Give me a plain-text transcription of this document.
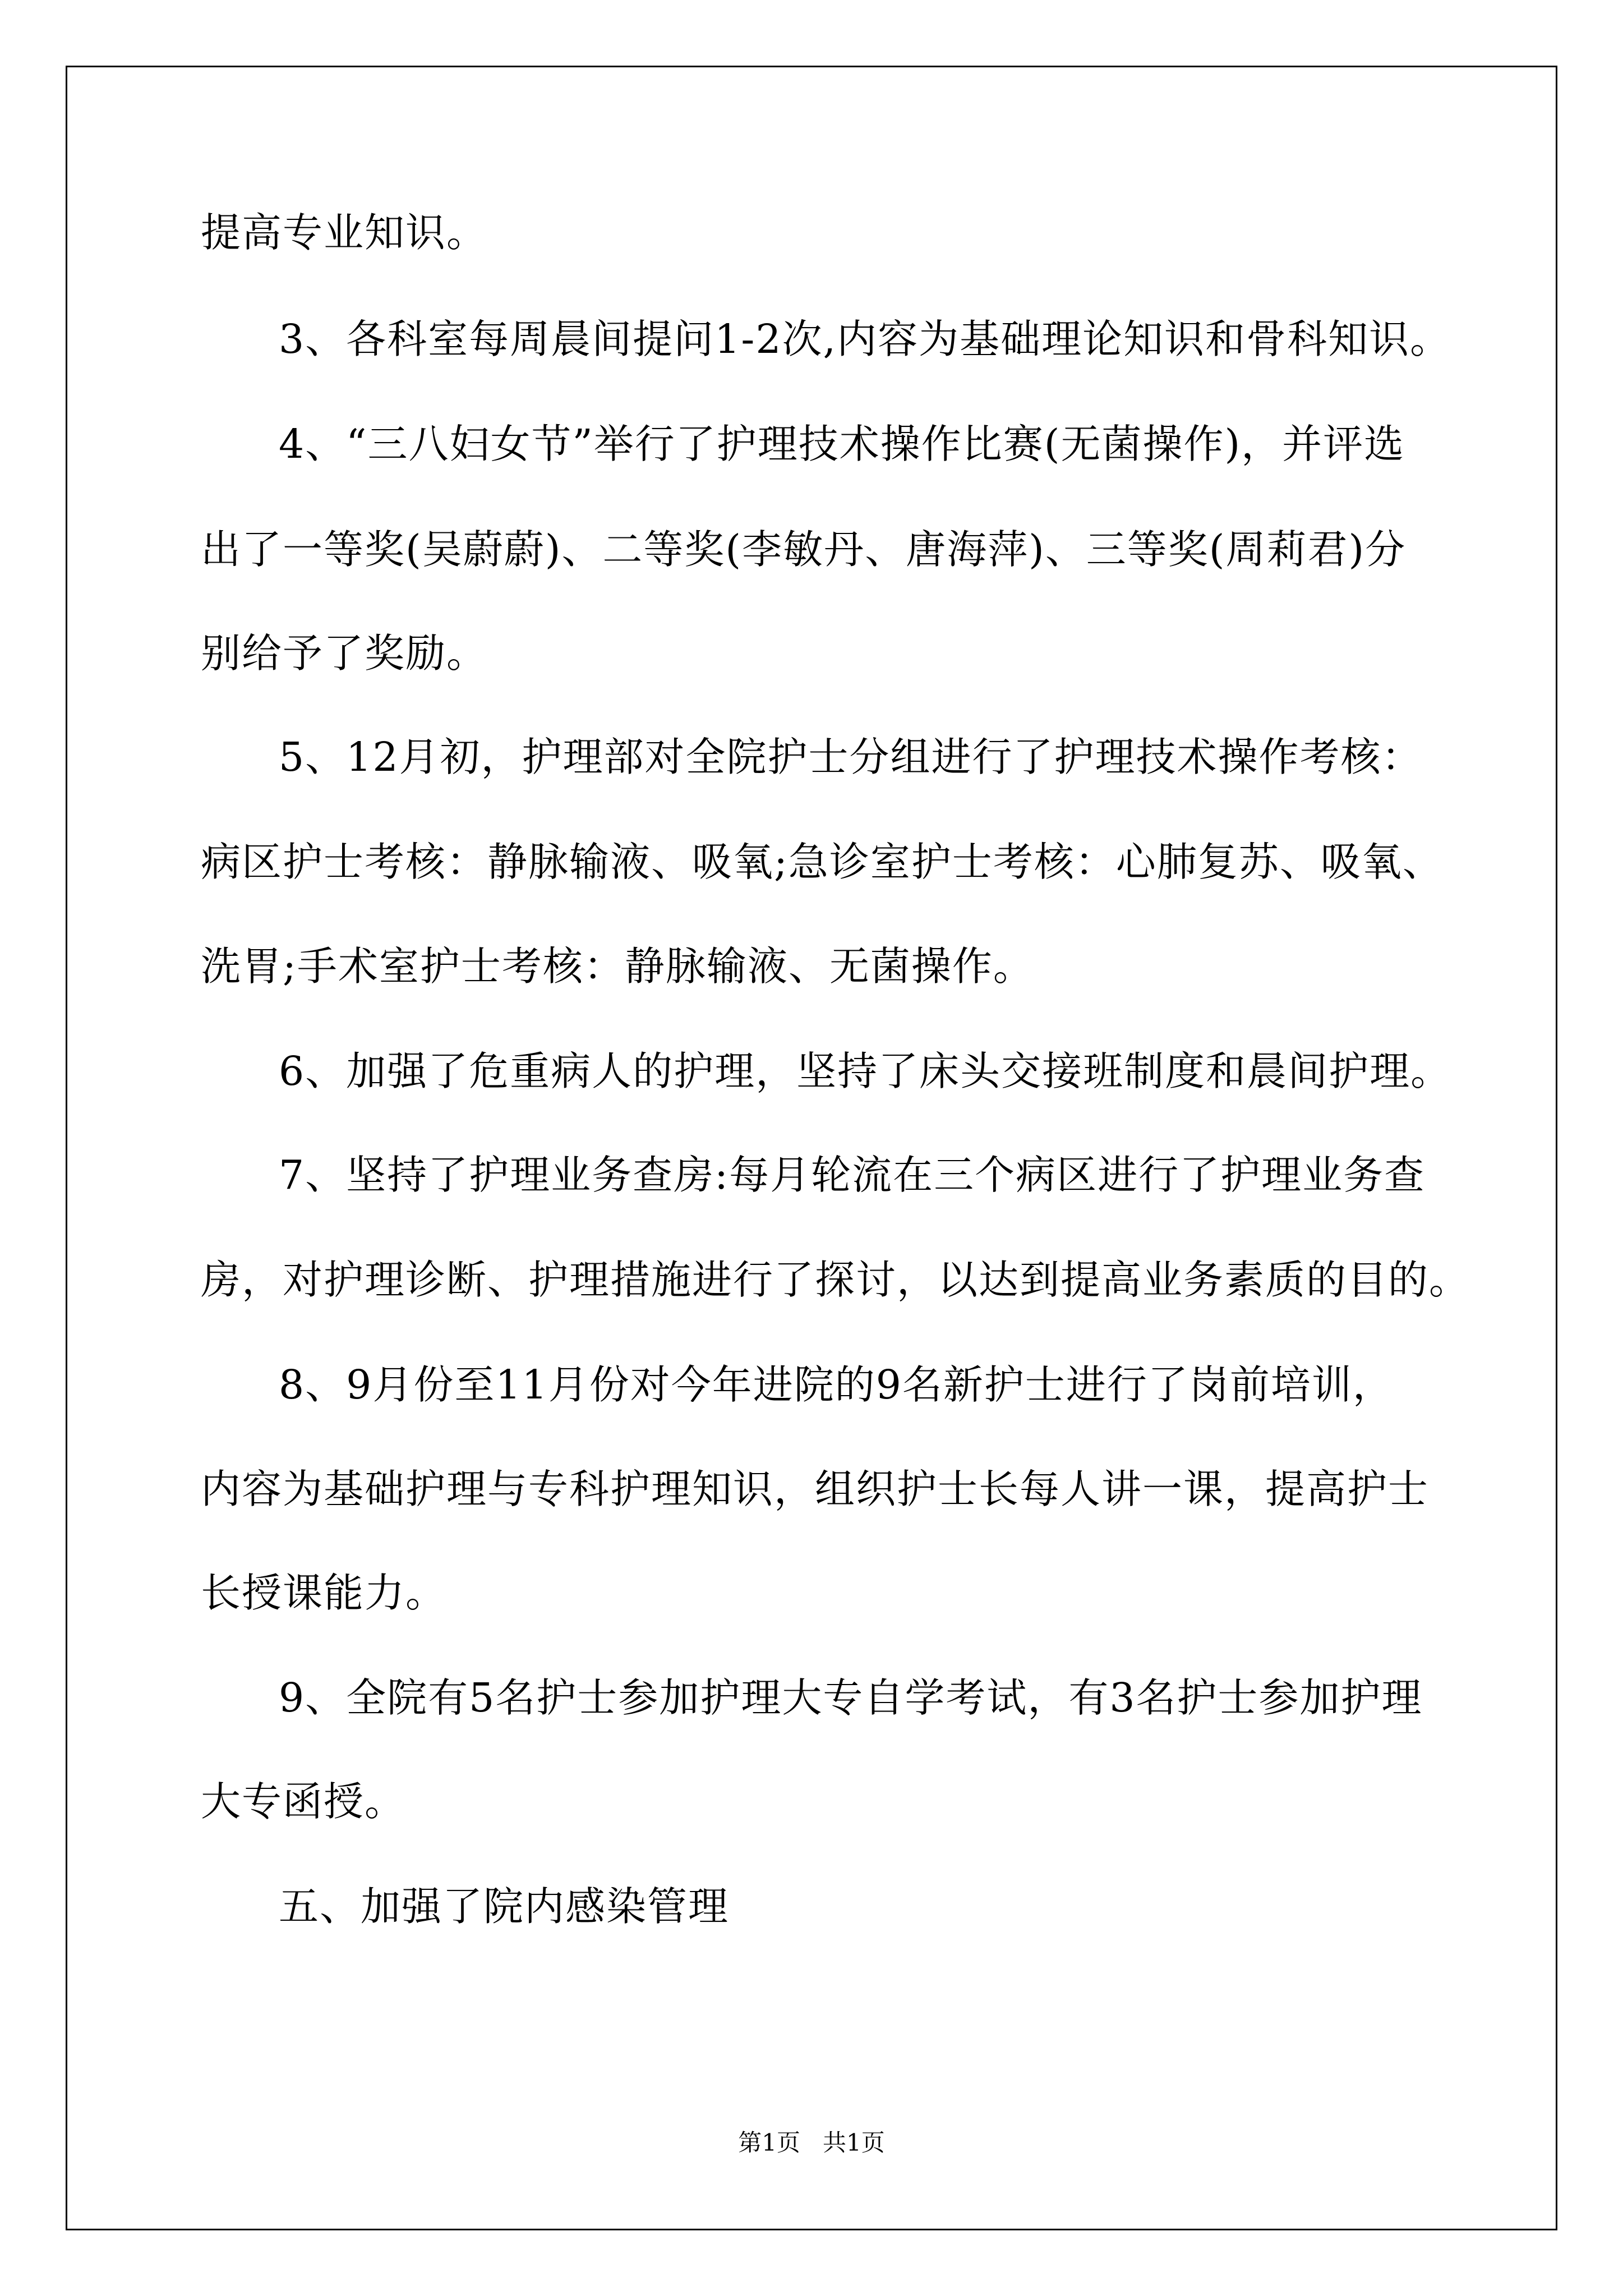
提高专业知识。
3、各科室每周晨间提问1-2次,内容为基础理论知识和骨科知识。
4、“三八妇女节”举行了护理技术操作比赛(无菌操作)，并评选
出了一等奖(吴蔚蔚)、二等奖(李敏丹、唐海萍)、三等奖(周莉君)分
别给予了奖励。
5、12月初，护理部对全院护士分组进行了护理技术操作考核：
病区护士考核：静脉输液、吸氧;急诊室护士考核：心肺复苏、吸氧、
洗胃;手术室护士考核：静脉输液、无菌操作。
6、加强了危重病人的护理，坚持了床头交接班制度和晨间护理。
7、坚持了护理业务查房:每月轮流在三个病区进行了护理业务查
房，对护理诊断、护理措施进行了探讨，以达到提高业务素质的目的。
8、9月份至11月份对今年进院的9名新护士进行了岗前培训，
内容为基础护理与专科护理知识，组织护士长每人讲一课，提高护士
长授课能力。
9、全院有5名护士参加护理大专自学考试，有3名护士参加护理
大专函授。
五、加强了院内感染管理
第1页   共1页
